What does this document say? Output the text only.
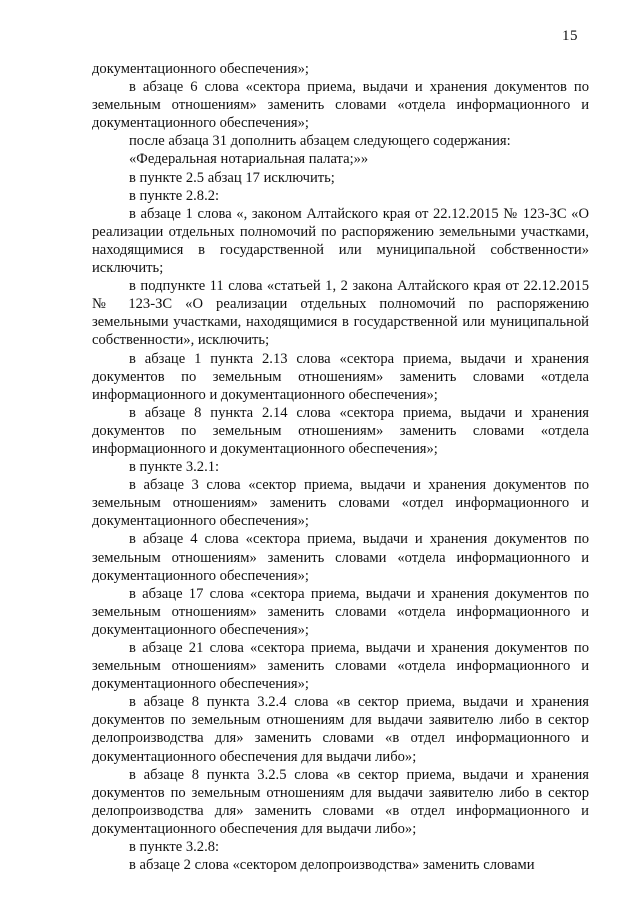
15

документационного обеспечения»;

в абзаце 6 слова «сектора приема, выдачи и хранения документов по земельным отношениям» заменить словами «отдела информационного и документационного обеспечения»;

после абзаца 31 дополнить абзацем следующего содержания:

«Федеральная нотариальная палата;»»

в пункте 2.5 абзац 17 исключить;

в пункте 2.8.2:

в абзаце 1 слова «, законом Алтайского края от 22.12.2015 № 123-ЗС «О реализации отдельных полномочий по распоряжению земельными участками, находящимися в государственной или муниципальной собственности» исключить;

в подпункте 11 слова «статьей 1, 2 закона Алтайского края от 22.12.2015 № 123-ЗС «О реализации отдельных полномочий по распоряжению земельными участками, находящимися в государственной или муниципальной собственности», исключить;

в абзаце 1 пункта 2.13 слова «сектора приема, выдачи и хранения документов по земельным отношениям» заменить словами «отдела информационного и документационного обеспечения»;

в абзаце 8 пункта 2.14 слова «сектора приема, выдачи и хранения документов по земельным отношениям» заменить словами «отдела информационного и документационного обеспечения»;

в пункте 3.2.1:

в абзаце 3 слова «сектор приема, выдачи и хранения документов по земельным отношениям» заменить словами «отдел информационного и документационного обеспечения»;

в абзаце 4 слова «сектора приема, выдачи и хранения документов по земельным отношениям» заменить словами «отдела информационного и документационного обеспечения»;

в абзаце 17 слова «сектора приема, выдачи и хранения документов по земельным отношениям» заменить словами «отдела информационного и документационного обеспечения»;

в абзаце 21 слова «сектора приема, выдачи и хранения документов по земельным отношениям» заменить словами «отдела информационного и документационного обеспечения»;

в абзаце 8 пункта 3.2.4 слова «в сектор приема, выдачи и хранения документов по земельным отношениям для выдачи заявителю либо в сектор делопроизводства для» заменить словами «в отдел информационного и документационного обеспечения для выдачи либо»;

в абзаце 8 пункта 3.2.5 слова «в сектор приема, выдачи и хранения документов по земельным отношениям для выдачи заявителю либо в сектор делопроизводства для» заменить словами «в отдел информационного и документационного обеспечения для выдачи либо»;

в пункте 3.2.8:

в абзаце 2 слова «сектором делопроизводства» заменить словами
